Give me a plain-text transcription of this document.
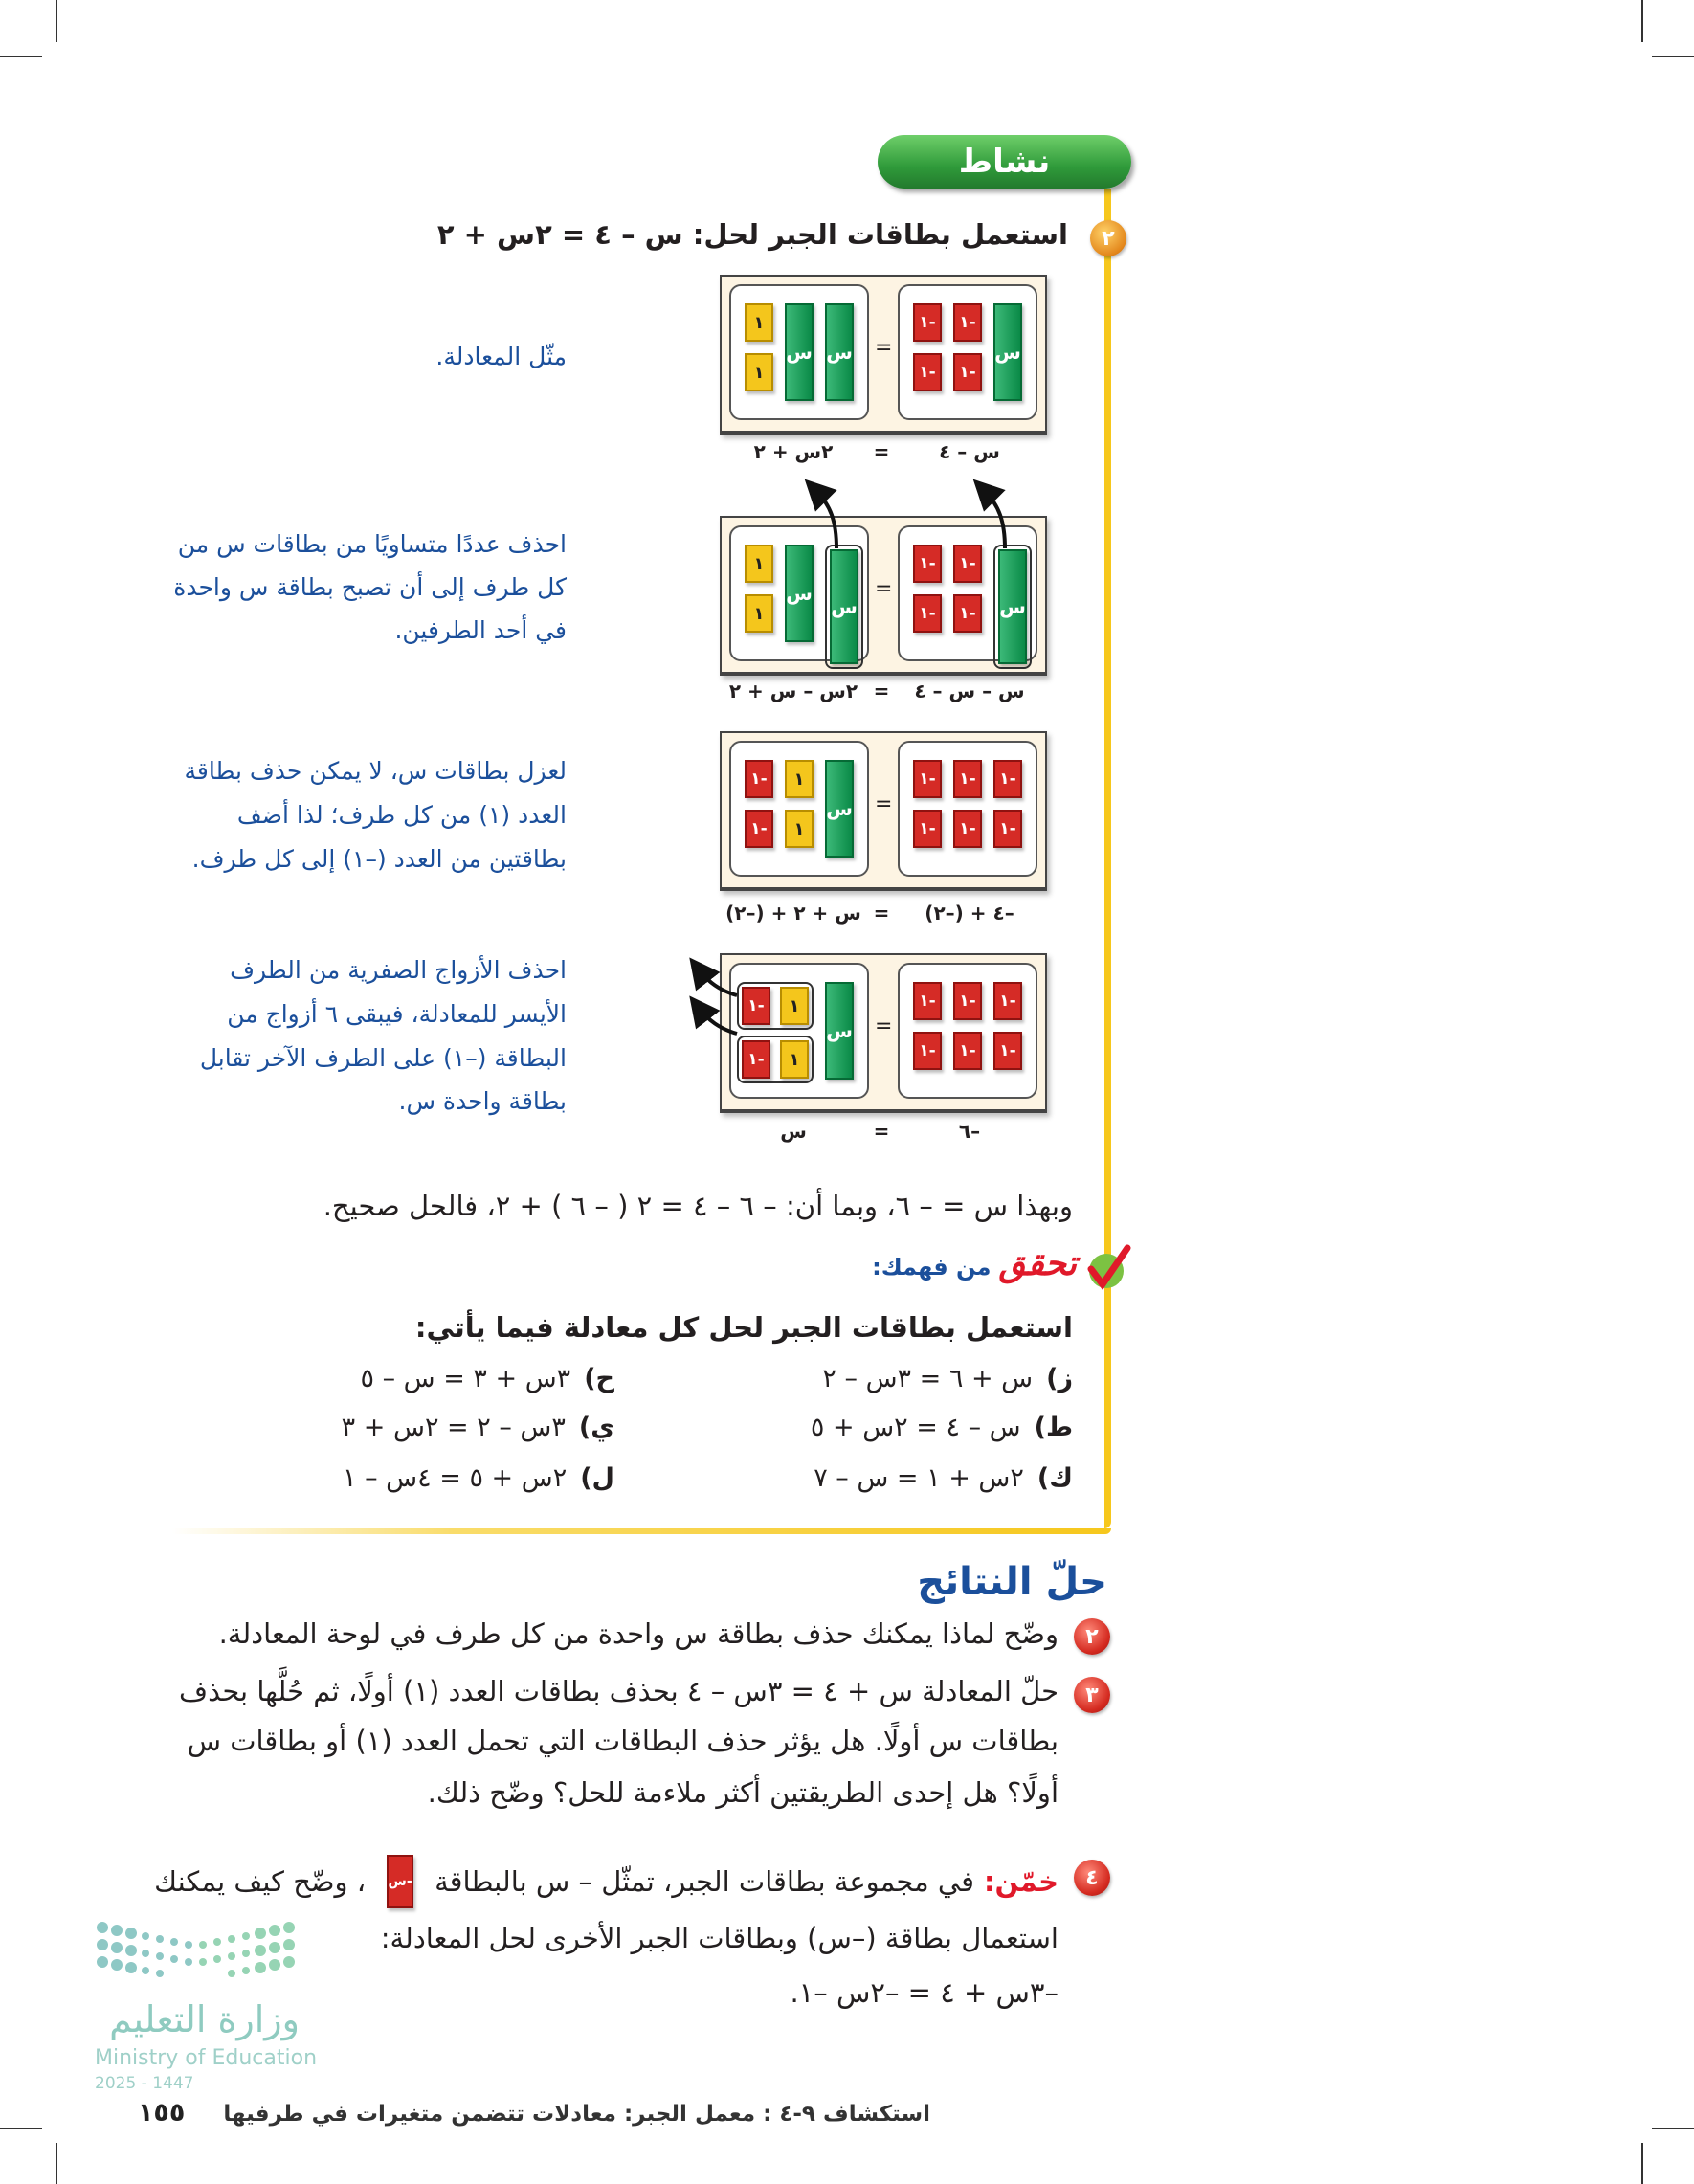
نشاط
٢
استعمل بطاقات الجبر لحل: س – ٤ = ٢س + ٢
١
١
س س =
١-
١-
١-
١-
س
س – ٤
=
٢س + ٢
مثّل المعادلة.
١
١
س
س
=
١-
١-
١-
١-	س
س – س – ٤
=
٢س – س + ٢
احذف عددًا متساويًا من بطاقات س من
كل طرف إلى أن تصبح بطاقة س واحدة
في أحد الطرفين.
١-
١-
١
١
س =
١-
١-
١-
١-
١-
١-
–٤ + (–٢)
=
س + ٢ + (–٢)
لعزل بطاقات س، لا يمكن حذف بطاقة
العدد (١) من كل طرف؛ لذا أضف
بطاقتين من العدد (–١) إلى كل طرف.
١-	١
١-	١
س =
١-
١-
١-
١-
١-
١-
–٦
=
س
احذف الأزواج الصفرية من الطرف
الأيسر للمعادلة، فيبقى ٦ أزواج من
البطاقة (–١) على الطرف الآخر تقابل
بطاقة واحدة س.
وبهذا س = – ٦، وبما أن: – ٦ – ٤ = ٢ ( – ٦ ) + ٢، فالحل صحيح.
تحقق
من فهمك:
استعمل بطاقات الجبر لحل كل معادلة فيما يأتي:
ز)س + ٦ = ٣س – ٢
ح)٣س + ٣ = س – ٥
ط)س – ٤ = ٢س + ٥
ي)٣س – ٢ = ٢س + ٣
ك)٢س + ١ = س – ٧
ل)٢س + ٥ = ٤س – ١
حلّ النتائج
٢
وضّح لماذا يمكنك حذف بطاقة س واحدة من كل طرف في لوحة المعادلة.
٣
حلّ المعادلة س + ٤ = ٣س – ٤ بحذف بطاقات العدد (١) أولًا، ثم حُلَّها بحذف
بطاقات س أولًا. هل يؤثر حذف البطاقات التي تحمل العدد (١) أو بطاقات س
أولًا؟ هل إحدى الطريقتين أكثر ملاءمة للحل؟ وضّح ذلك.
٤
خمّن:
في مجموعة بطاقات الجبر، تمثّل – س بالبطاقة
-س
، وضّح كيف يمكنك
استعمال بطاقة (–س) وبطاقات الجبر الأخرى لحل المعادلة:
–٣س + ٤ = –٢س –١.
وزارة التعليم
Ministry of Education
2025 - 1447
استكشاف ٩-٤ : معمل الجبر: معادلات تتضمن متغيرات في طرفيها
١٥٥
